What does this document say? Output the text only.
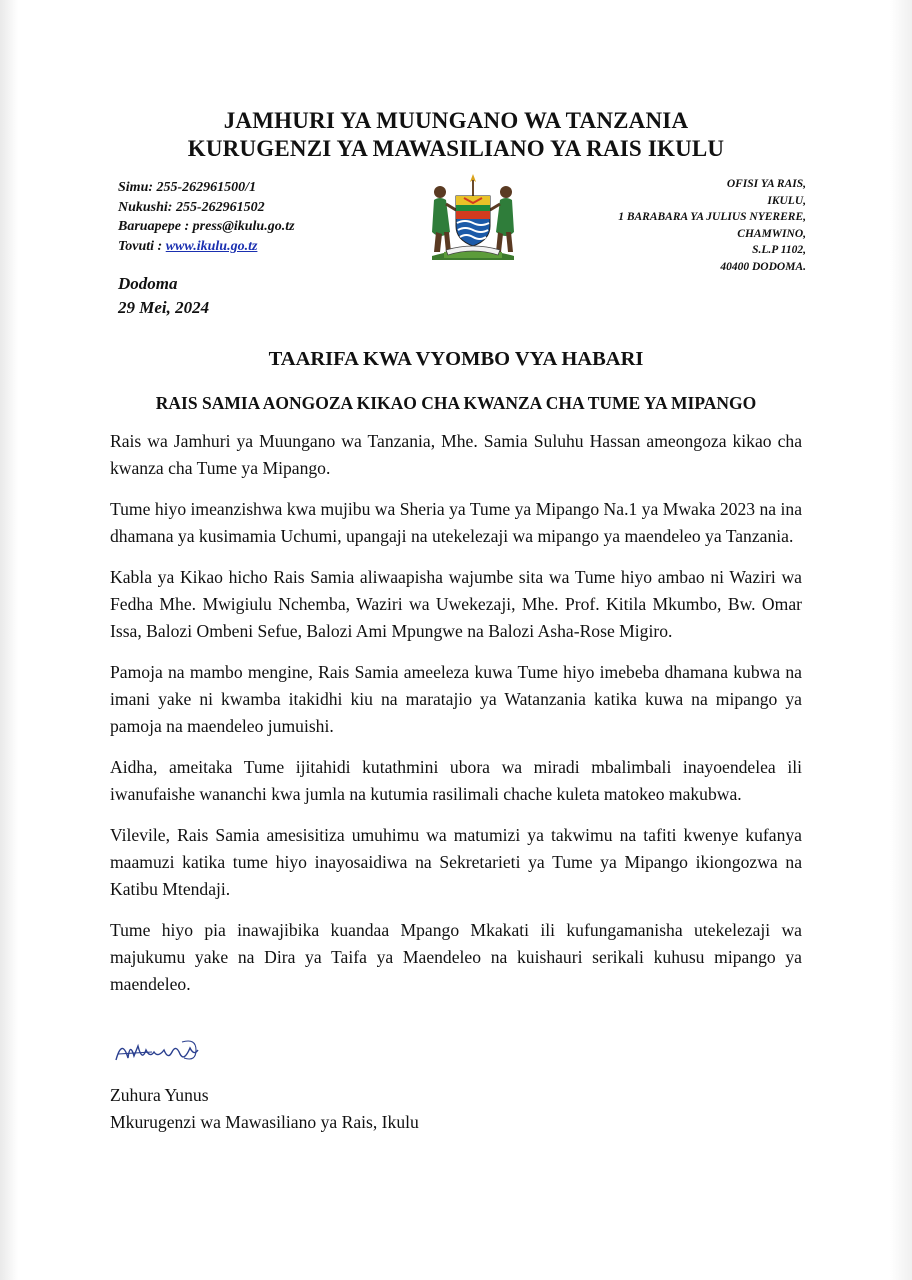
JAMHURI YA MUUNGANO WA TANZANIA
KURUGENZI YA MAWASILIANO YA RAIS IKULU
Simu: 255-262961500/1
Nukushi: 255-262961502
Baruapepe : press@ikulu.go.tz
Tovuti : www.ikulu.go.tz
OFISI YA RAIS,
IKULU,
1 BARABARA YA JULIUS NYERERE,
CHAMWINO,
S.L.P 1102,
40400 DODOMA.
Dodoma
29 Mei, 2024
TAARIFA KWA VYOMBO VYA HABARI
RAIS SAMIA AONGOZA KIKAO CHA KWANZA CHA TUME YA MIPANGO

Rais wa Jamhuri ya Muungano wa Tanzania, Mhe. Samia Suluhu Hassan ameongoza kikao cha kwanza cha Tume ya Mipango.

Tume hiyo imeanzishwa kwa mujibu wa Sheria ya Tume ya Mipango Na.1 ya Mwaka 2023 na ina dhamana ya kusimamia Uchumi, upangaji na utekelezaji wa mipango ya maendeleo ya Tanzania.

Kabla ya Kikao hicho Rais Samia aliwaapisha wajumbe sita wa Tume hiyo ambao ni Waziri wa Fedha Mhe. Mwigiulu Nchemba, Waziri wa Uwekezaji, Mhe. Prof. Kitila Mkumbo, Bw. Omar Issa, Balozi Ombeni Sefue, Balozi Ami Mpungwe na Balozi Asha-Rose Migiro.

Pamoja na mambo mengine, Rais Samia ameeleza kuwa Tume hiyo imebeba dhamana kubwa na imani yake ni kwamba itakidhi kiu na maratajio ya Watanzania katika kuwa na mipango ya pamoja na maendeleo jumuishi.

Aidha, ameitaka Tume ijitahidi kutathmini ubora wa miradi mbalimbali inayoendelea ili iwanufaishe wananchi kwa jumla na kutumia rasilimali chache kuleta matokeo makubwa.

Vilevile, Rais Samia amesisitiza umuhimu wa matumizi ya takwimu na tafiti kwenye kufanya maamuzi katika tume hiyo inayosaidiwa na Sekretarieti ya Tume ya Mipango ikiongozwa na Katibu Mtendaji.

Tume hiyo pia inawajibika kuandaa Mpango Mkakati ili kufungamanisha utekelezaji wa majukumu yake na Dira ya Taifa ya Maendeleo na kuishauri serikali kuhusu mipango ya maendeleo.

Zuhura Yunus
Mkurugenzi wa Mawasiliano ya Rais, Ikulu
